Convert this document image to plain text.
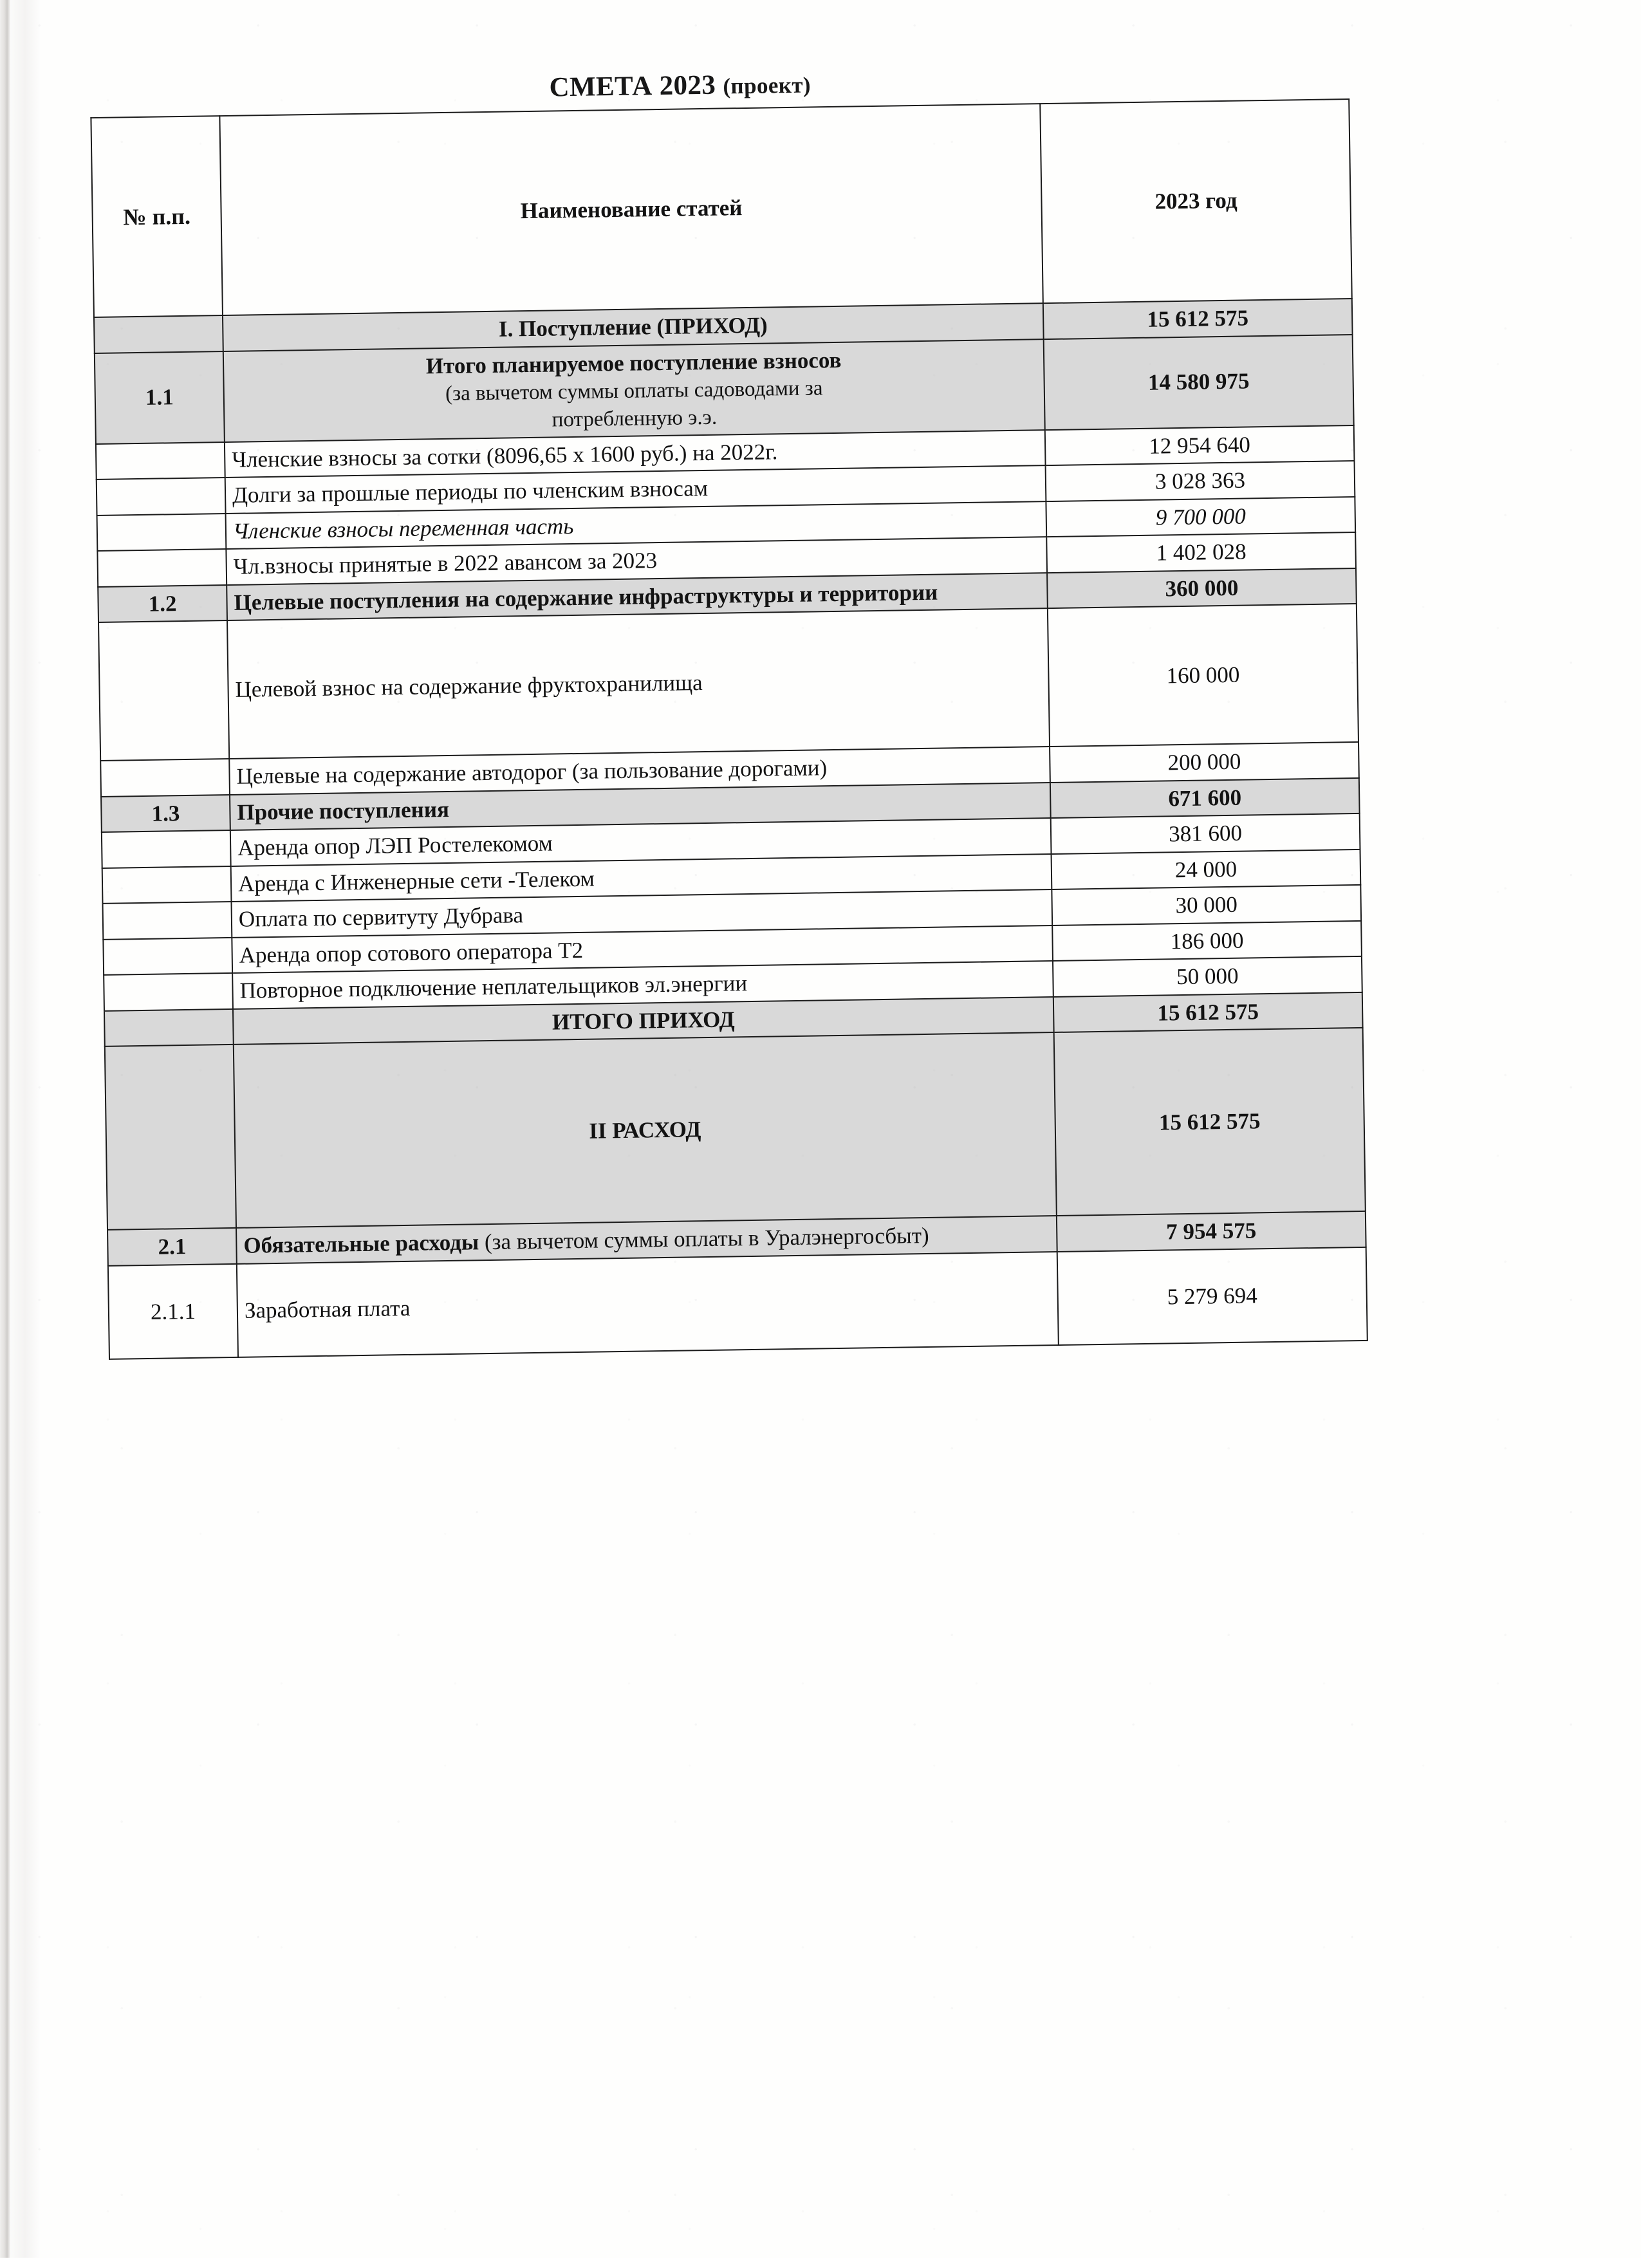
СМЕТА 2023 (проект)
№ п.п.	Наименование статей	2023 год
	I. Поступление (ПРИХОД)	15 612 575
1.1	Итого планируемое поступление взносов
(за вычетом суммы оплаты садоводами за
потребленную э.э.	14 580 975
	Членские взносы за сотки (8096,65 x 1600 руб.) на 2022г.	12 954 640
	Долги за прошлые периоды по членским взносам	3 028 363
	Членские взносы переменная часть	9 700 000
	Чл.взносы принятые в 2022 авансом за 2023	1 402 028
1.2	Целевые поступления на содержание инфраструктуры и территории	360 000
	Целевой взнос на содержание фруктохранилища	160 000
	Целевые на содержание автодорог (за пользование дорогами)	200 000
1.3	Прочие поступления	671 600
	Аренда опор ЛЭП Ростелекомом	381 600
	Аренда с Инженерные сети -Телеком	24 000
	Оплата по сервитуту Дубрава	30 000
	Аренда опор сотового оператора Т2	186 000
	Повторное подключение неплательщиков эл.энергии	50 000
	ИТОГО ПРИХОД	15 612 575
	II РАСХОД	15 612 575
2.1	Обязательные расходы (за вычетом суммы оплаты в Уралэнергосбыт)	7 954 575
2.1.1	Заработная плата	5 279 694
